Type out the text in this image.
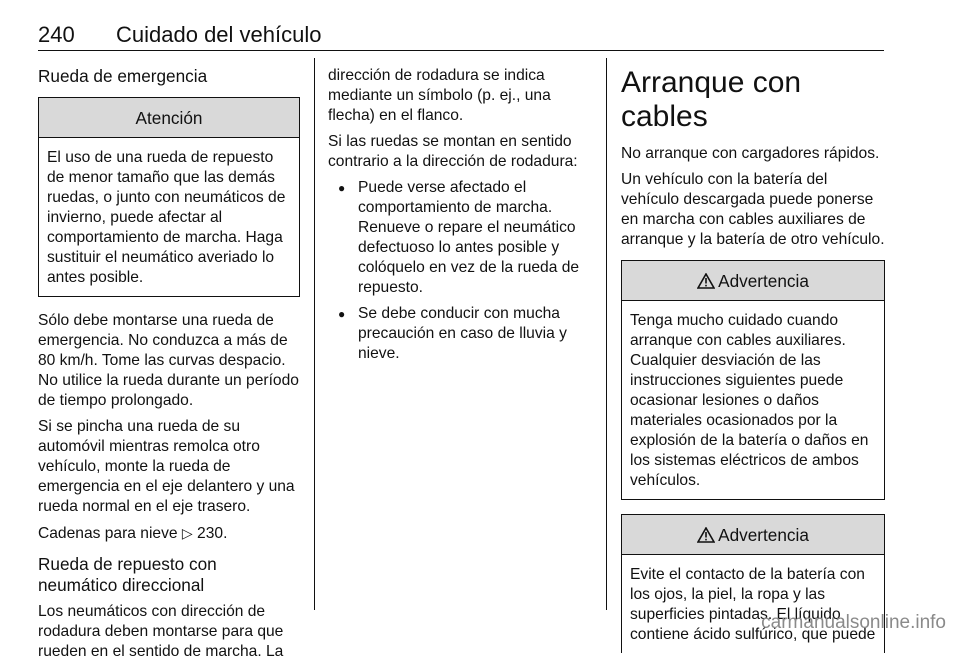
240 Cuidado del vehículo
Rueda de emergencia
Atención
El uso de una rueda de repuesto de menor tamaño que las demás ruedas, o junto con neumáticos de invierno, puede afectar al comportamiento de marcha. Haga sustituir el neumático averiado lo antes posible.

Sólo debe montarse una rueda de emergencia. No conduzca a más de 80 km/h. Tome las curvas despacio. No utilice la rueda durante un período de tiempo prolongado.

Si se pincha una rueda de su automóvil mientras remolca otro vehículo, monte la rueda de emergencia en el eje delantero y una rueda normal en el eje trasero.

Cadenas para nieve ▷ 230.

Rueda de repuesto con neumático direccional

Los neumáticos con dirección de rodadura deben montarse para que rueden en el sentido de marcha. La

dirección de rodadura se indica mediante un símbolo (p. ej., una flecha) en el flanco.

Si las ruedas se montan en sentido contrario a la dirección de rodadura:

● Puede verse afectado el comportamiento de marcha. Renueve o repare el neumático defectuoso lo antes posible y colóquelo en vez de la rueda de repuesto.
● Se debe conducir con mucha precaución en caso de lluvia y nieve.
Arranque con cables

No arranque con cargadores rápidos.

Un vehículo con la batería del vehículo descargada puede ponerse en marcha con cables auxiliares de arranque y la batería de otro vehículo.

Advertencia
Tenga mucho cuidado cuando arranque con cables auxiliares. Cualquier desviación de las instrucciones siguientes puede ocasionar lesiones o daños materiales ocasionados por la explosión de la batería o daños en los sistemas eléctricos de ambos vehículos.
Advertencia
Evite el contacto de la batería con los ojos, la piel, la ropa y las superficies pintadas. El líquido contiene ácido sulfúrico, que puede
carmanualsonline.info
